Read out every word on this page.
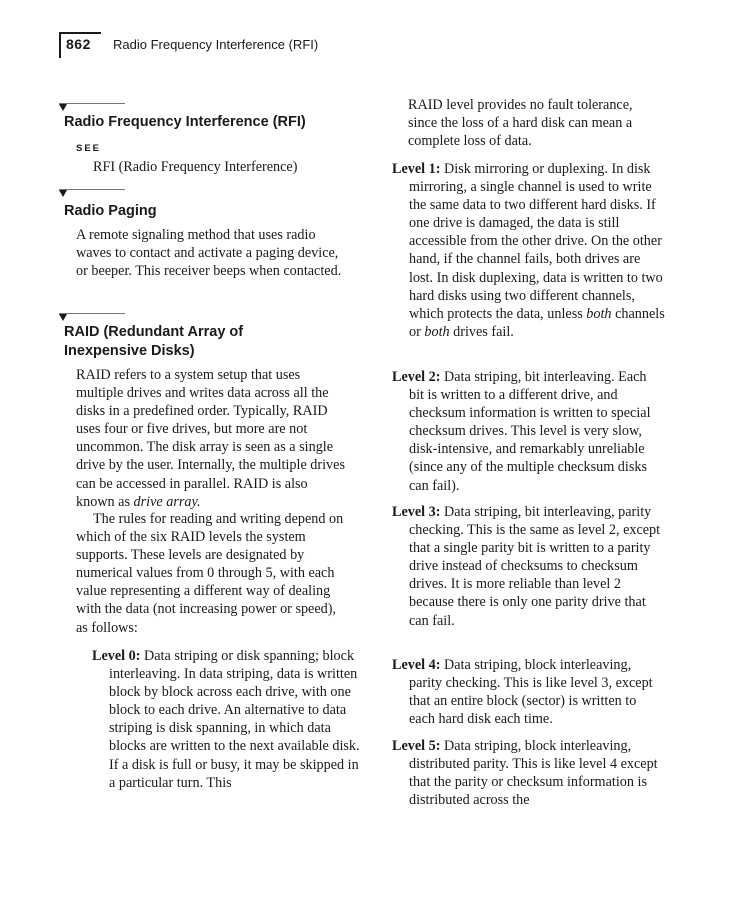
862 Radio Frequency Interference (RFI)
Radio Frequency Interference (RFI)
SEE

RFI (Radio Frequency Interference)

Radio Paging

A remote signaling method that uses radio waves to contact and activate a paging device, or beeper. This receiver beeps when contacted.

RAID (Redundant Array of
Inexpensive Disks)

RAID refers to a system setup that uses multiple drives and writes data across all the disks in a predefined order. Typically, RAID uses four or five drives, but more are not uncommon. The disk array is seen as a single drive by the user. Internally, the multiple drives can be accessed in parallel. RAID is also known as drive array.

The rules for reading and writing depend on which of the six RAID levels the system supports. These levels are designated by numerical values from 0 through 5, with each value representing a different way of dealing with the data (not increasing power or speed), as follows:

Level 0: Data striping or disk spanning; block interleaving. In data striping, data is written block by block across each drive, with one block to each drive. An alternative to data striping is disk spanning, in which data blocks are written to the next available disk. If a disk is full or busy, it may be skipped in a particular turn. This

RAID level provides no fault tolerance, since the loss of a hard disk can mean a complete loss of data.

Level 1: Disk mirroring or duplexing. In disk mirroring, a single channel is used to write the same data to two different hard disks. If one drive is damaged, the data is still accessible from the other drive. On the other hand, if the channel fails, both drives are lost. In disk duplexing, data is written to two hard disks using two different channels, which protects the data, unless both channels or both drives fail.

Level 2: Data striping, bit interleaving. Each bit is written to a different drive, and checksum information is written to special checksum drives. This level is very slow, disk-intensive, and remarkably unreliable (since any of the multiple checksum disks can fail).

Level 3: Data striping, bit interleaving, parity checking. This is the same as level 2, except that a single parity bit is written to a parity drive instead of checksums to checksum drives. It is more reliable than level 2 because there is only one parity drive that can fail.

Level 4: Data striping, block interleaving, parity checking. This is like level 3, except that an entire block (sector) is written to each hard disk each time.

Level 5: Data striping, block interleaving, distributed parity. This is like level 4 except that the parity or checksum information is distributed across the
